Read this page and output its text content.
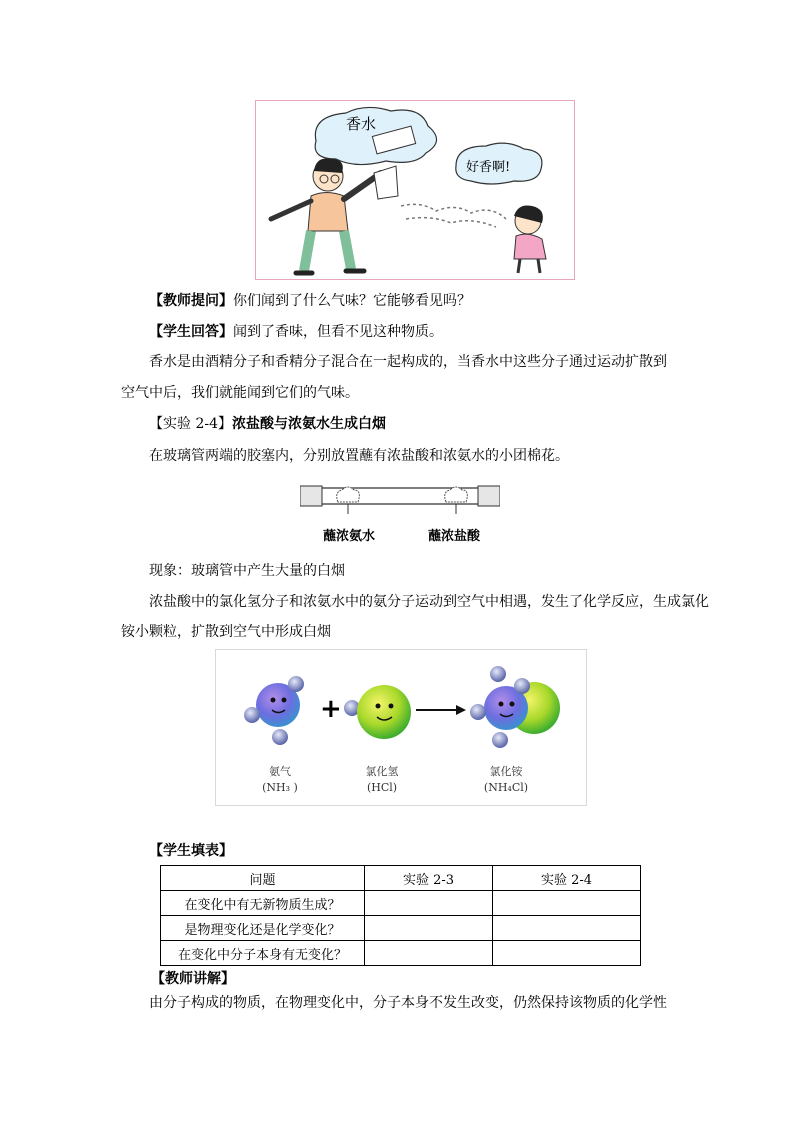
香水
好香啊!
【教师提问】你们闻到了什么气味？它能够看见吗？
【学生回答】闻到了香味，但看不见这种物质。
香水是由酒精分子和香精分子混合在一起构成的，当香水中这些分子通过运动扩散到
空气中后，我们就能闻到它们的气味。
【实验 2-4】浓盐酸与浓氨水生成白烟
在玻璃管两端的胶塞内，分别放置蘸有浓盐酸和浓氨水的小团棉花。
蘸浓氨水	蘸浓盐酸
现象：玻璃管中产生大量的白烟
浓盐酸中的氯化氢分子和浓氨水中的氨分子运动到空气中相遇，发生了化学反应，生成氯化
铵小颗粒，扩散到空气中形成白烟
+
氨气
(NH₃ )
氯化氢
(HCl)
氯化铵
(NH₄Cl)
【学生填表】
问题	实验 2-3	实验 2-4
在变化中有无新物质生成？		
是物理变化还是化学变化？		
在变化中分子本身有无变化？		
【教师讲解】
由分子构成的物质，在物理变化中，分子本身不发生改变，仍然保持该物质的化学性
